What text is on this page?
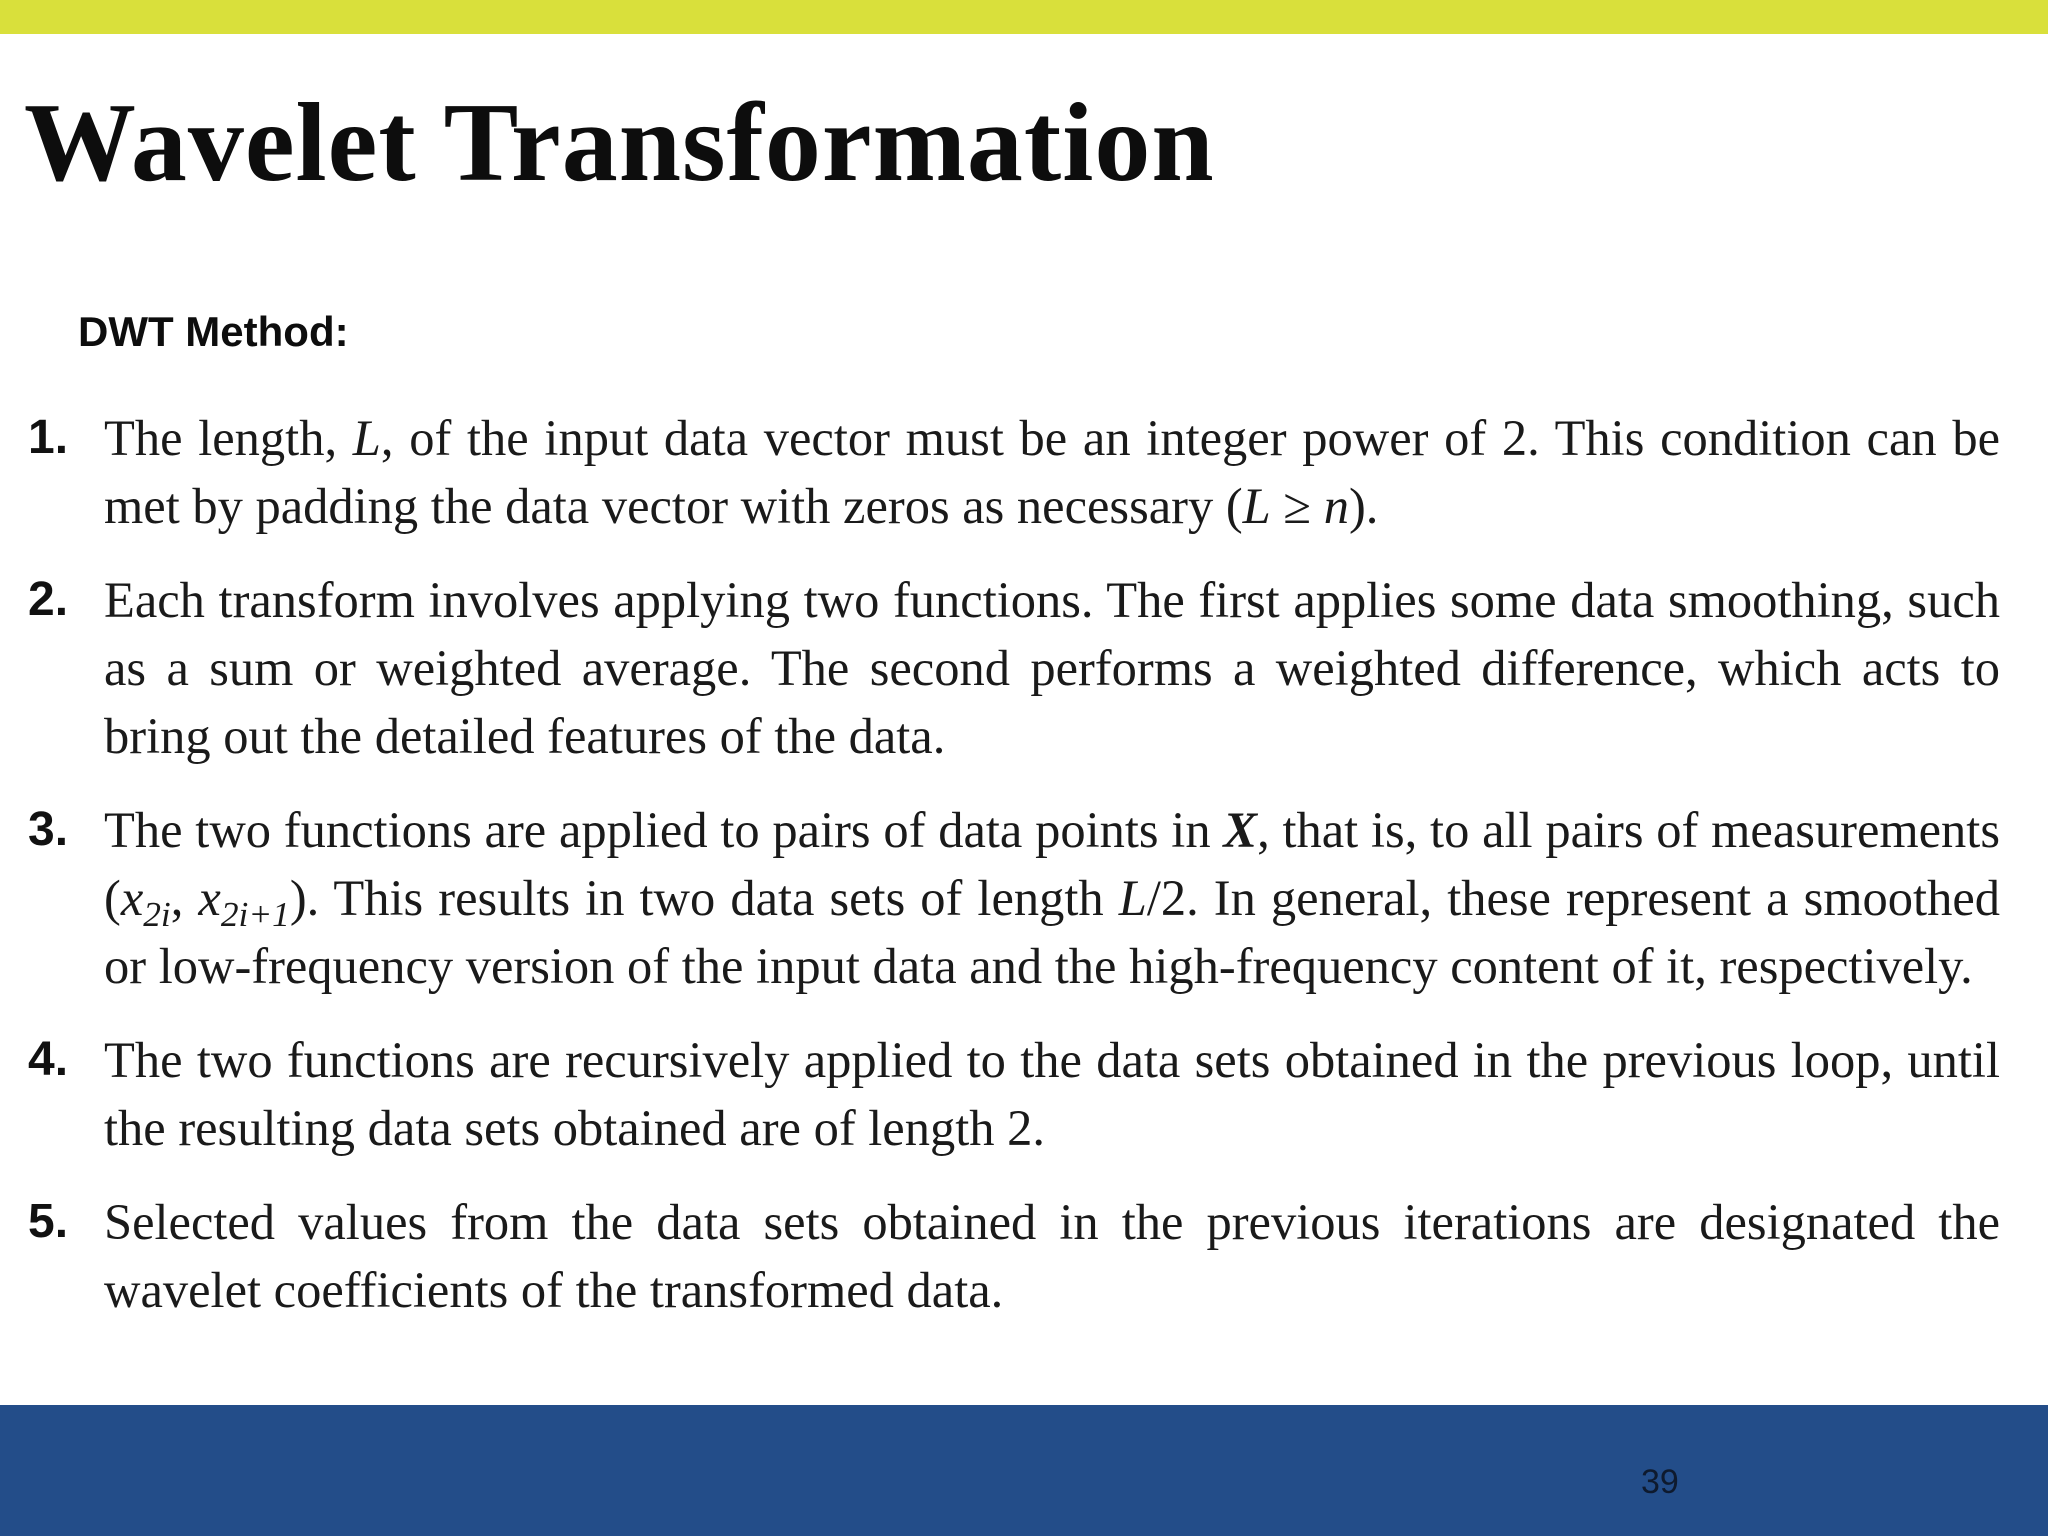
Wavelet Transformation
DWT Method:
1. The length, L, of the input data vector must be an integer power of 2. This condition can be met by padding the data vector with zeros as necessary (L ≥ n).
2. Each transform involves applying two functions. The first applies some data smoothing, such as a sum or weighted average. The second performs a weighted difference, which acts to bring out the detailed features of the data.
3. The two functions are applied to pairs of data points in X, that is, to all pairs of measurements ($x_{2i}$, $x_{2i+1}$). This results in two data sets of length L/2. In general, these represent a smoothed or low-frequency version of the input data and the high-frequency content of it, respectively.
4. The two functions are recursively applied to the data sets obtained in the previous loop, until the resulting data sets obtained are of length 2.
5. Selected values from the data sets obtained in the previous iterations are designated the wavelet coefficients of the transformed data.
39
